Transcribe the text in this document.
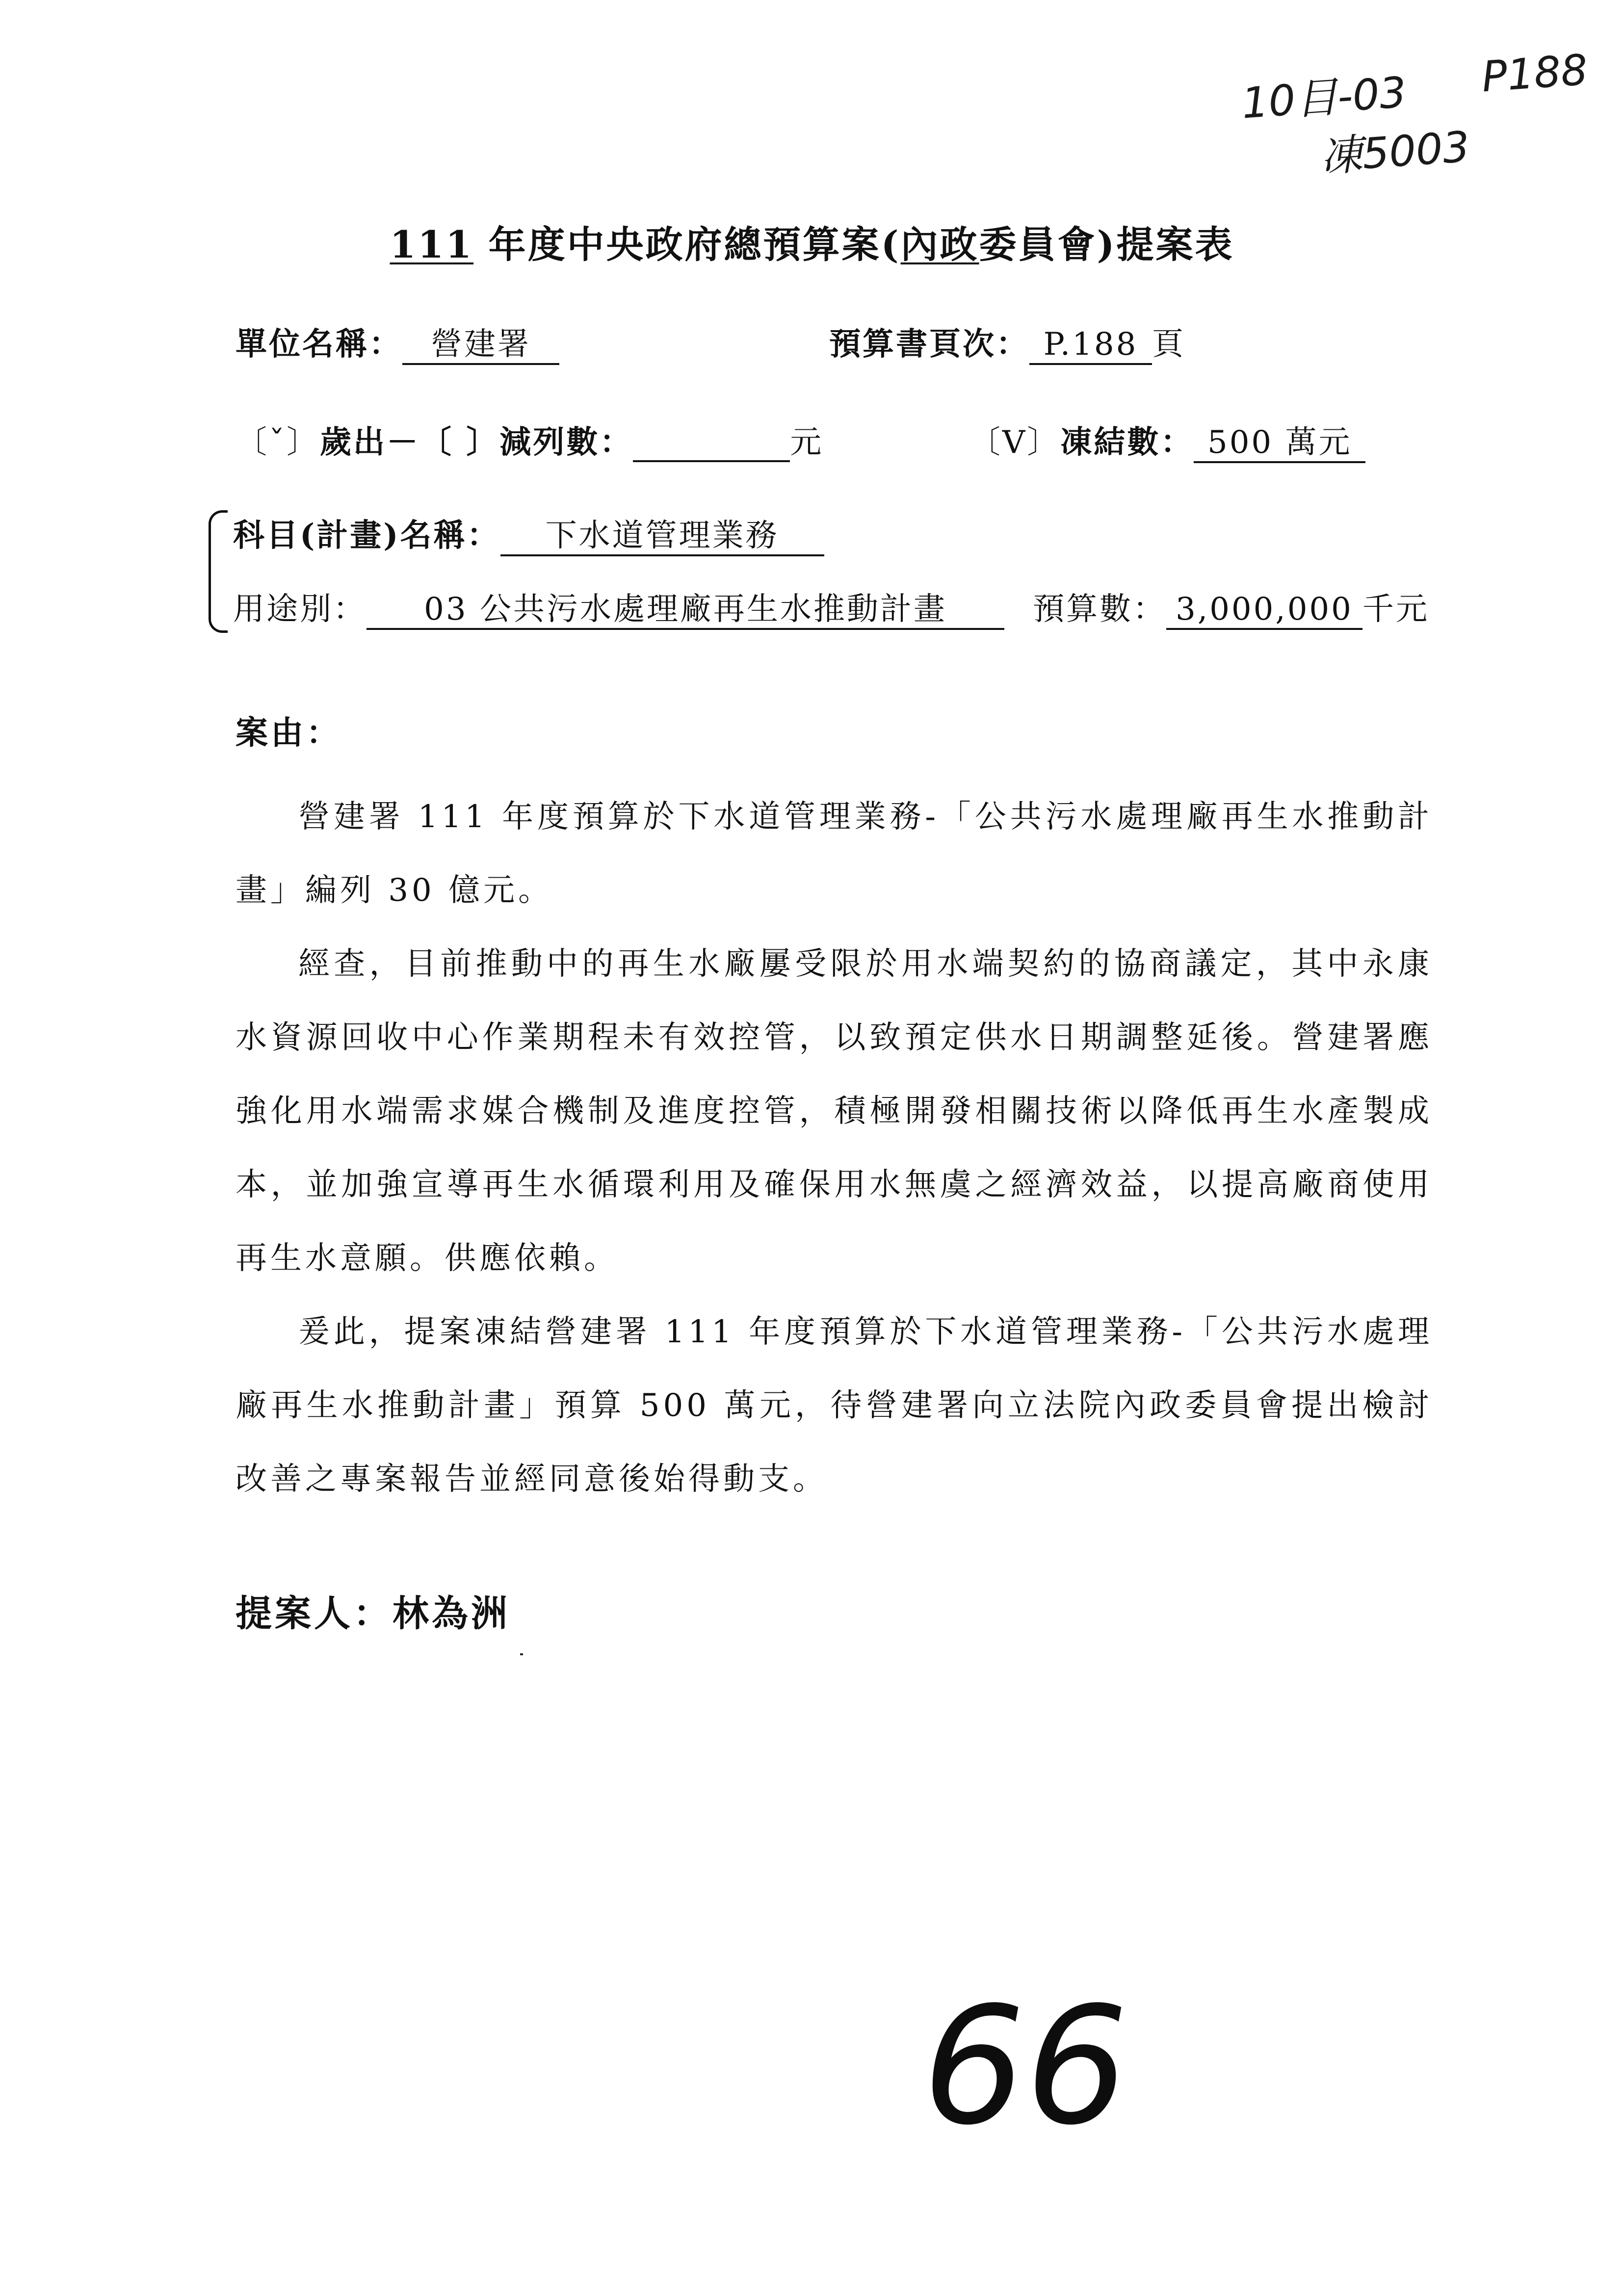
10目-03 P188
凍5003
111 年度中央政府總預算案(內政委員會)提案表
單位名稱： 營建署	預算書頁次： P.188 頁
〔ˇ〕歲出－〔 〕減列數：	元	〔V〕凍結數： 500 萬元
科目(計畫)名稱： 下水道管理業務
用途別： 03 公共污水處理廠再生水推動計畫	預算數： 3,000,000 千元
案由：

營建署 111 年度預算於下水道管理業務-「公共污水處理廠再生水推動計畫」編列 30 億元。

經查，目前推動中的再生水廠屢受限於用水端契約的協商議定，其中永康水資源回收中心作業期程未有效控管，以致預定供水日期調整延後。營建署應強化用水端需求媒合機制及進度控管，積極開發相關技術以降低再生水產製成本，並加強宣導再生水循環利用及確保用水無虞之經濟效益，以提高廠商使用再生水意願。供應依賴。

爰此，提案凍結營建署 111 年度預算於下水道管理業務-「公共污水處理廠再生水推動計畫」預算 500 萬元，待營建署向立法院內政委員會提出檢討改善之專案報告並經同意後始得動支。

提案人：林為洲
66
